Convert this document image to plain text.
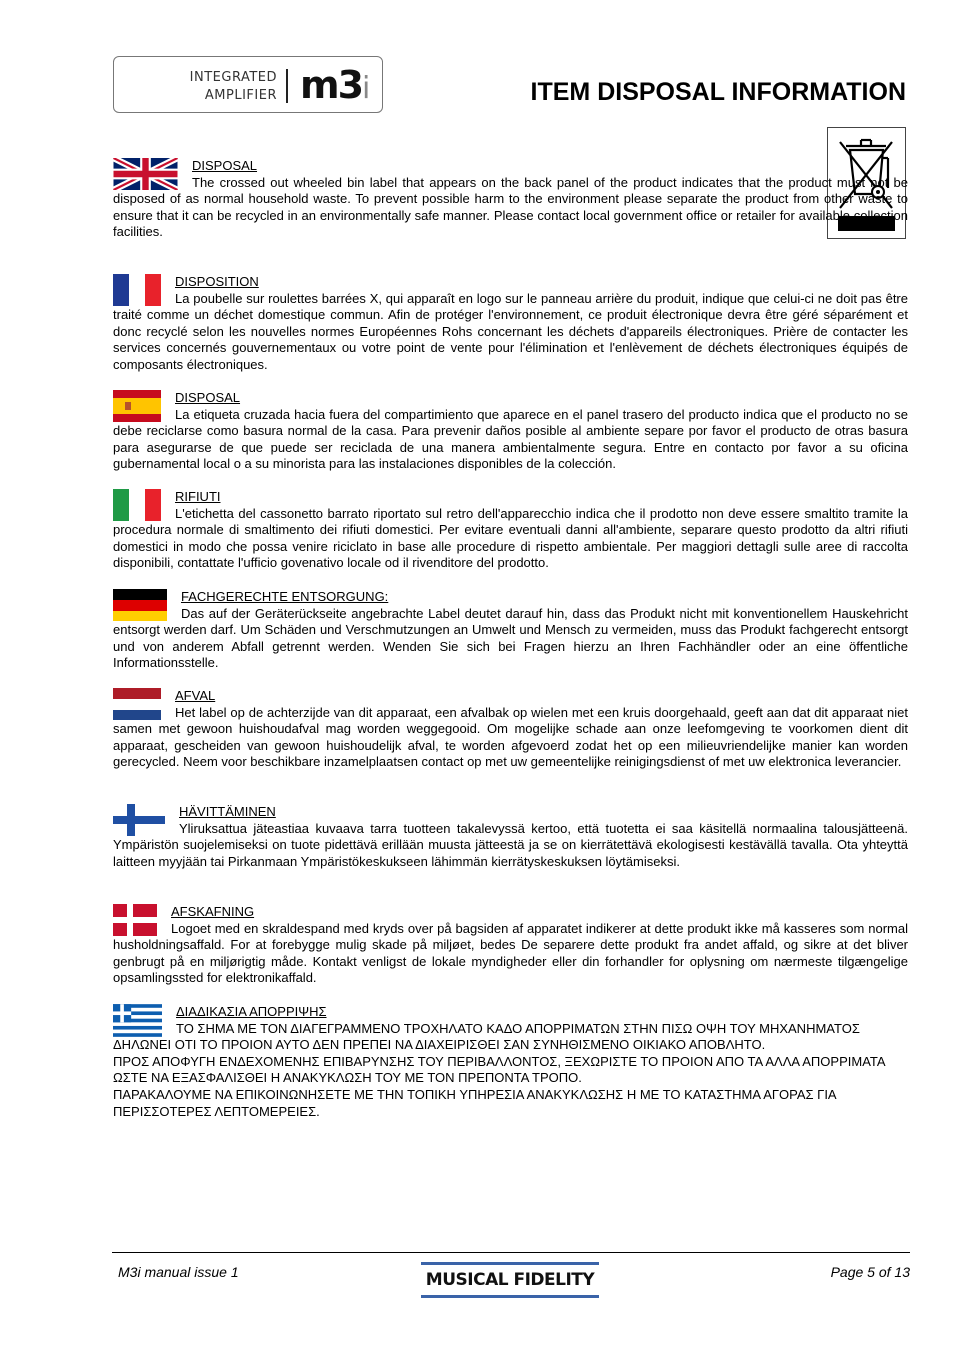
INTEGRATED
AMPLIFIER m3i	ITEM DISPOSAL INFORMATION
DISPOSAL

The crossed out wheeled bin label that appears on the back panel of the product indicates that the product must not be disposed of as normal household waste. To prevent possible harm to the environment please separate the product from other waste to ensure that it can be recycled in an environmentally safe manner. Please contact local government office or retailer for available collection facilities.

DISPOSITION

La poubelle sur roulettes barrées X, qui apparaît en logo sur le panneau arrière du produit, indique que celui-ci ne doit pas être traité comme un déchet domestique commun. Afin de protéger l'environnement, ce produit électronique devra être géré séparément et donc recyclé selon les nouvelles normes Européennes Rohs concernant les déchets d'appareils électroniques. Prière de contacter les services concernés gouvernementaux ou votre point de vente pour l'élimination et l'enlèvement de déchets électroniques équipés de composants électroniques.

DISPOSAL

La etiqueta cruzada hacia fuera del compartimiento que aparece en el panel trasero del producto indica que el producto no se debe reciclarse como basura normal de la casa. Para prevenir daños posible al ambiente separe por favor el producto de otras basura para asegurarse de que puede ser reciclada de una manera ambientalmente segura. Entre en contacto por favor a su oficina gubernamental local o a su minorista para las instalaciones disponibles de la colección.

RIFIUTI

L'etichetta del cassonetto barrato riportato sul retro dell'apparecchio indica che il prodotto non deve essere smaltito tramite la procedura normale di smaltimento dei rifiuti domestici. Per evitare eventuali danni all'ambiente, separare questo prodotto da altri rifiuti domestici in modo che possa venire riciclato in base alle procedure di rispetto ambientale. Per maggiori dettagli sulle aree di raccolta disponibili, contattate l'ufficio govenativo locale od il rivenditore del prodotto.

FACHGERECHTE ENTSORGUNG:

Das auf der Geräterückseite angebrachte Label deutet darauf hin, dass das Produkt nicht mit konventionellem Hauskehricht entsorgt werden darf. Um Schäden und Verschmutzungen an Umwelt und Mensch zu vermeiden, muss das Produkt fachgerecht entsorgt und von anderem Abfall getrennt werden. Wenden Sie sich bei Fragen hierzu an Ihren Fachhändler oder an eine öffentliche Informationsstelle.

AFVAL

Het label op de achterzijde van dit apparaat, een afvalbak op wielen met een kruis doorgehaald, geeft aan dat dit apparaat niet samen met gewoon huishoudafval mag worden weggegooid. Om mogelijke schade aan onze leefomgeving te voorkomen dient dit apparaat, gescheiden van gewoon huishoudelijk afval, te worden afgevoerd zodat het op een milieuvriendelijke manier kan worden gerecycled. Neem voor beschikbare inzamelplaatsen contact op met uw gemeentelijke reinigingsdienst of met uw elektronica leverancier.

HÄVITTÄMINEN

Yliruksattua jäteastiaa kuvaava tarra tuotteen takalevyssä kertoo, että tuotetta ei saa käsitellä normaalina talousjätteenä. Ympäristön suojelemiseksi on tuote pidettävä erillään muusta jätteestä ja se on kierrätettävä ekologisesti kestävällä tavalla. Ota yhteyttä laitteen myyjään tai Pirkanmaan Ympäristökeskukseen lähimmän kierrätyskeskuksen löytämiseksi.

AFSKAFNING

Logoet med en skraldespand med kryds over på bagsiden af apparatet indikerer at dette produkt ikke må kasseres som normal husholdningsaffald. For at forebygge mulig skade på miljøet, bedes De separere dette produkt fra andet affald, og sikre at det bliver genbrugt på en miljørigtig måde. Kontakt venligst de lokale myndigheder eller din forhandler for oplysning om nærmeste tilgængelige opsamlingssted for elektronikaffald.

ΔΙΑΔΙΚΑΣΙΑ ΑΠΟΡΡΙΨΗΣ

ΤΟ ΣΗΜΑ ΜΕ ΤΟΝ ΔΙΑΓΕΓΡΑΜΜΕΝΟ ΤΡΟΧΗΛΑΤΟ ΚΑΔΟ ΑΠΟΡΡΙΜΑΤΩΝ ΣΤΗΝ ΠΙΣΩ ΟΨΗ ΤΟΥ ΜΗΧΑΝΗΜΑΤΟΣ

ΔΗΛΩΝΕΙ ΟΤΙ ΤΟ ΠΡΟΙΟΝ ΑΥΤΟ ΔΕΝ ΠΡΕΠΕΙ ΝΑ ΔΙΑΧΕΙΡΙΣΘΕΙ ΣΑΝ ΣΥΝΗΘΙΣΜΕΝΟ ΟΙΚΙΑΚΟ ΑΠΟΒΛΗΤΟ.

ΠΡΟΣ ΑΠΟΦΥΓΗ ΕΝΔΕΧΟΜΕΝΗΣ ΕΠΙΒΑΡΥΝΣΗΣ ΤΟΥ ΠΕΡΙΒΑΛΛΟΝΤΟΣ, ΞΕΧΩΡΙΣΤΕ ΤΟ ΠΡΟΙΟΝ ΑΠΟ ΤΑ ΑΛΛΑ ΑΠΟΡΡΙΜΑΤΑ ΩΣΤΕ ΝΑ ΕΞΑΣΦΑΛΙΣΘΕΙ Η ΑΝΑΚΥΚΛΩΣΗ ΤΟΥ ΜΕ ΤΟΝ ΠΡΕΠΟΝΤΑ ΤΡΟΠΟ.

ΠΑΡΑΚΑΛΟΥΜΕ ΝΑ ΕΠΙΚΟΙΝΩΝΗΣΕΤΕ ΜΕ ΤΗΝ ΤΟΠΙΚΗ ΥΠΗΡΕΣΙΑ ΑΝΑΚΥΚΛΩΣΗΣ Η ΜΕ ΤΟ ΚΑΤΑΣΤΗΜΑ ΑΓΟΡΑΣ ΓΙΑ ΠΕΡΙΣΣΟΤΕΡΕΣ ΛΕΠΤΟΜΕΡΕΙΕΣ.

M3i manual issue 1	MUSICAL FIDELITY	Page 5 of 13
